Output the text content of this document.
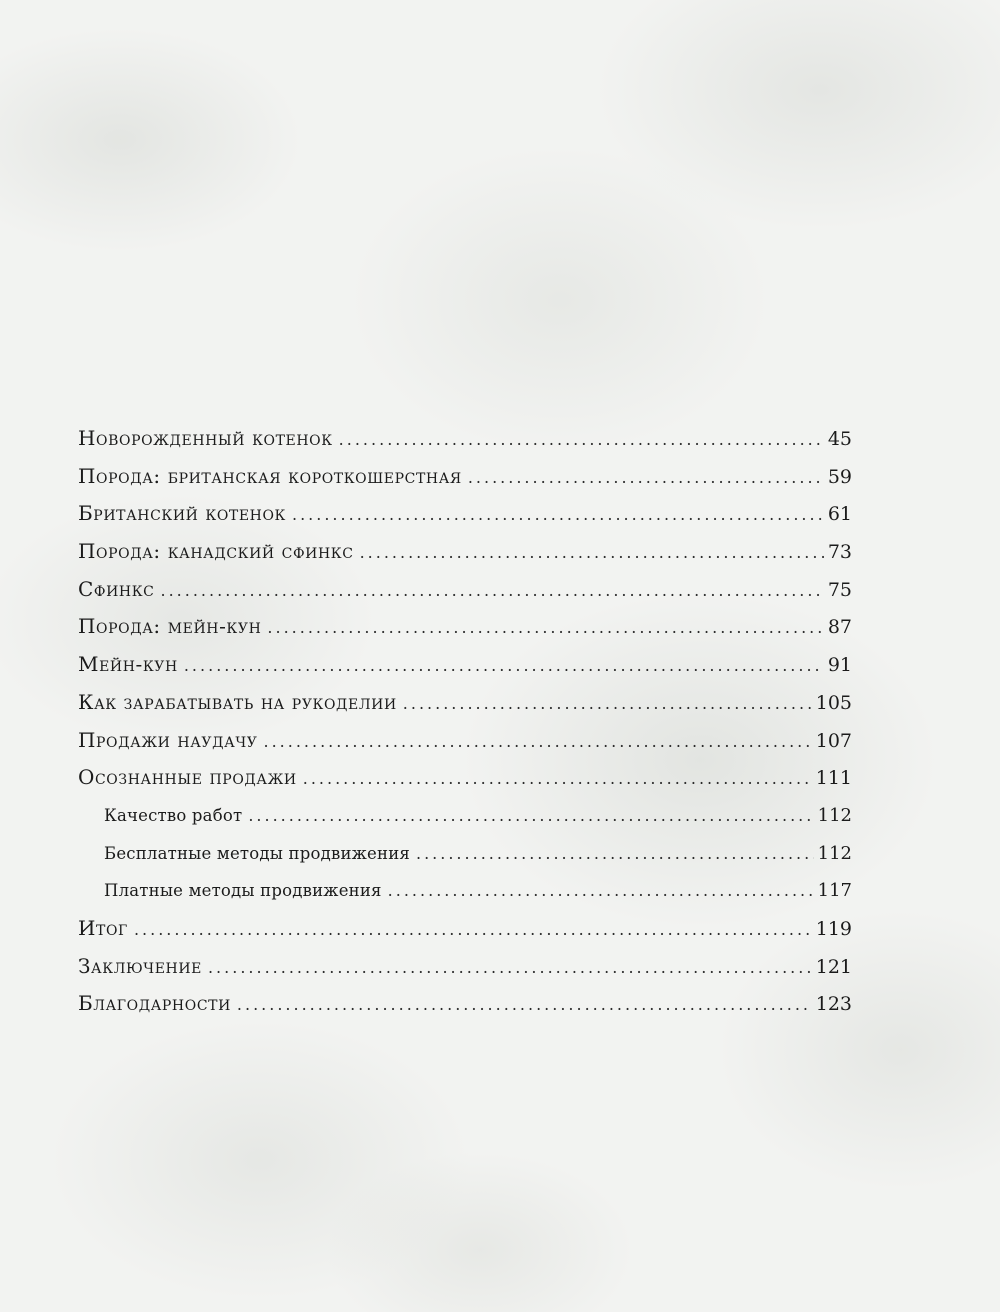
Новорожденный котенок .....	45
Порода: британская короткошерстная .....	59
Британский котенок .....	61
Порода: канадский сфинкс .....	73
Сфинкс .....	75
Порода: мейн-кун .....	87
Мейн-кун .....	91
Как зарабатывать на рукоделии .....	105
Продажи наудачу .....	107
Осознанные продажи .....	111
Качество работ .....	112
Бесплатные методы продвижения .....	112
Платные методы продвижения .....	117
Итог .....	119
Заключение .....	121
Благодарности .....	123
